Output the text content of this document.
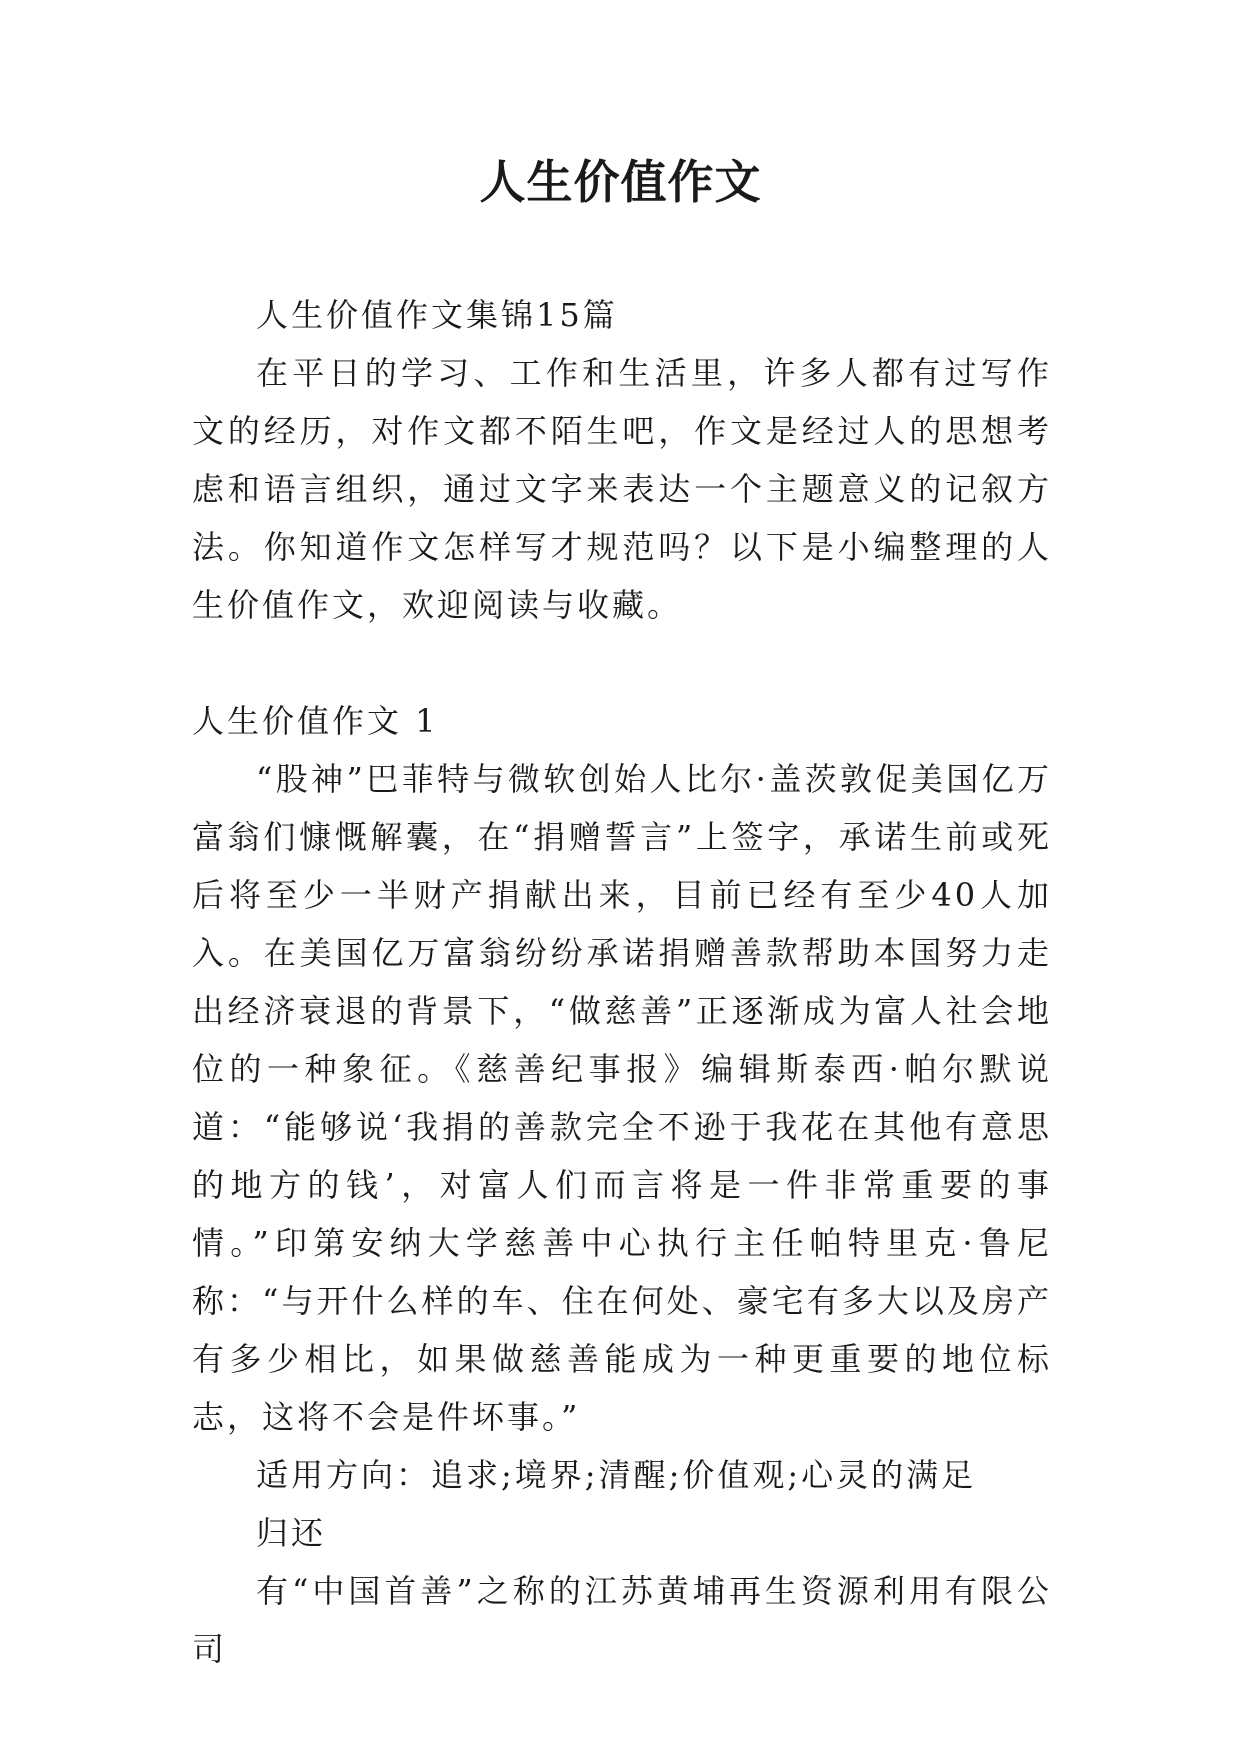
人生价值作文

人生价值作文集锦15篇

在平日的学习、工作和生活里，许多人都有过写作文的经历，对作文都不陌生吧，作文是经过人的思想考虑和语言组织，通过文字来表达一个主题意义的记叙方法。你知道作文怎样写才规范吗？以下是小编整理的人生价值作文，欢迎阅读与收藏。

人生价值作文 1

“股神”巴菲特与微软创始人比尔·盖茨敦促美国亿万富翁们慷慨解囊，在“捐赠誓言”上签字，承诺生前或死后将至少一半财产捐献出来，目前已经有至少40人加入。在美国亿万富翁纷纷承诺捐赠善款帮助本国努力走出经济衰退的背景下，“做慈善”正逐渐成为富人社会地位的一种象征。《慈善纪事报》编辑斯泰西·帕尔默说道：“能够说‘我捐的善款完全不逊于我花在其他有意思的地方的钱’，对富人们而言将是一件非常重要的事情。”印第安纳大学慈善中心执行主任帕特里克·鲁尼称：“与开什么样的车、住在何处、豪宅有多大以及房产有多少相比，如果做慈善能成为一种更重要的地位标志，这将不会是件坏事。”

适用方向：追求;境界;清醒;价值观;心灵的满足

归还

有“中国首善”之称的江苏黄埔再生资源利用有限公司
